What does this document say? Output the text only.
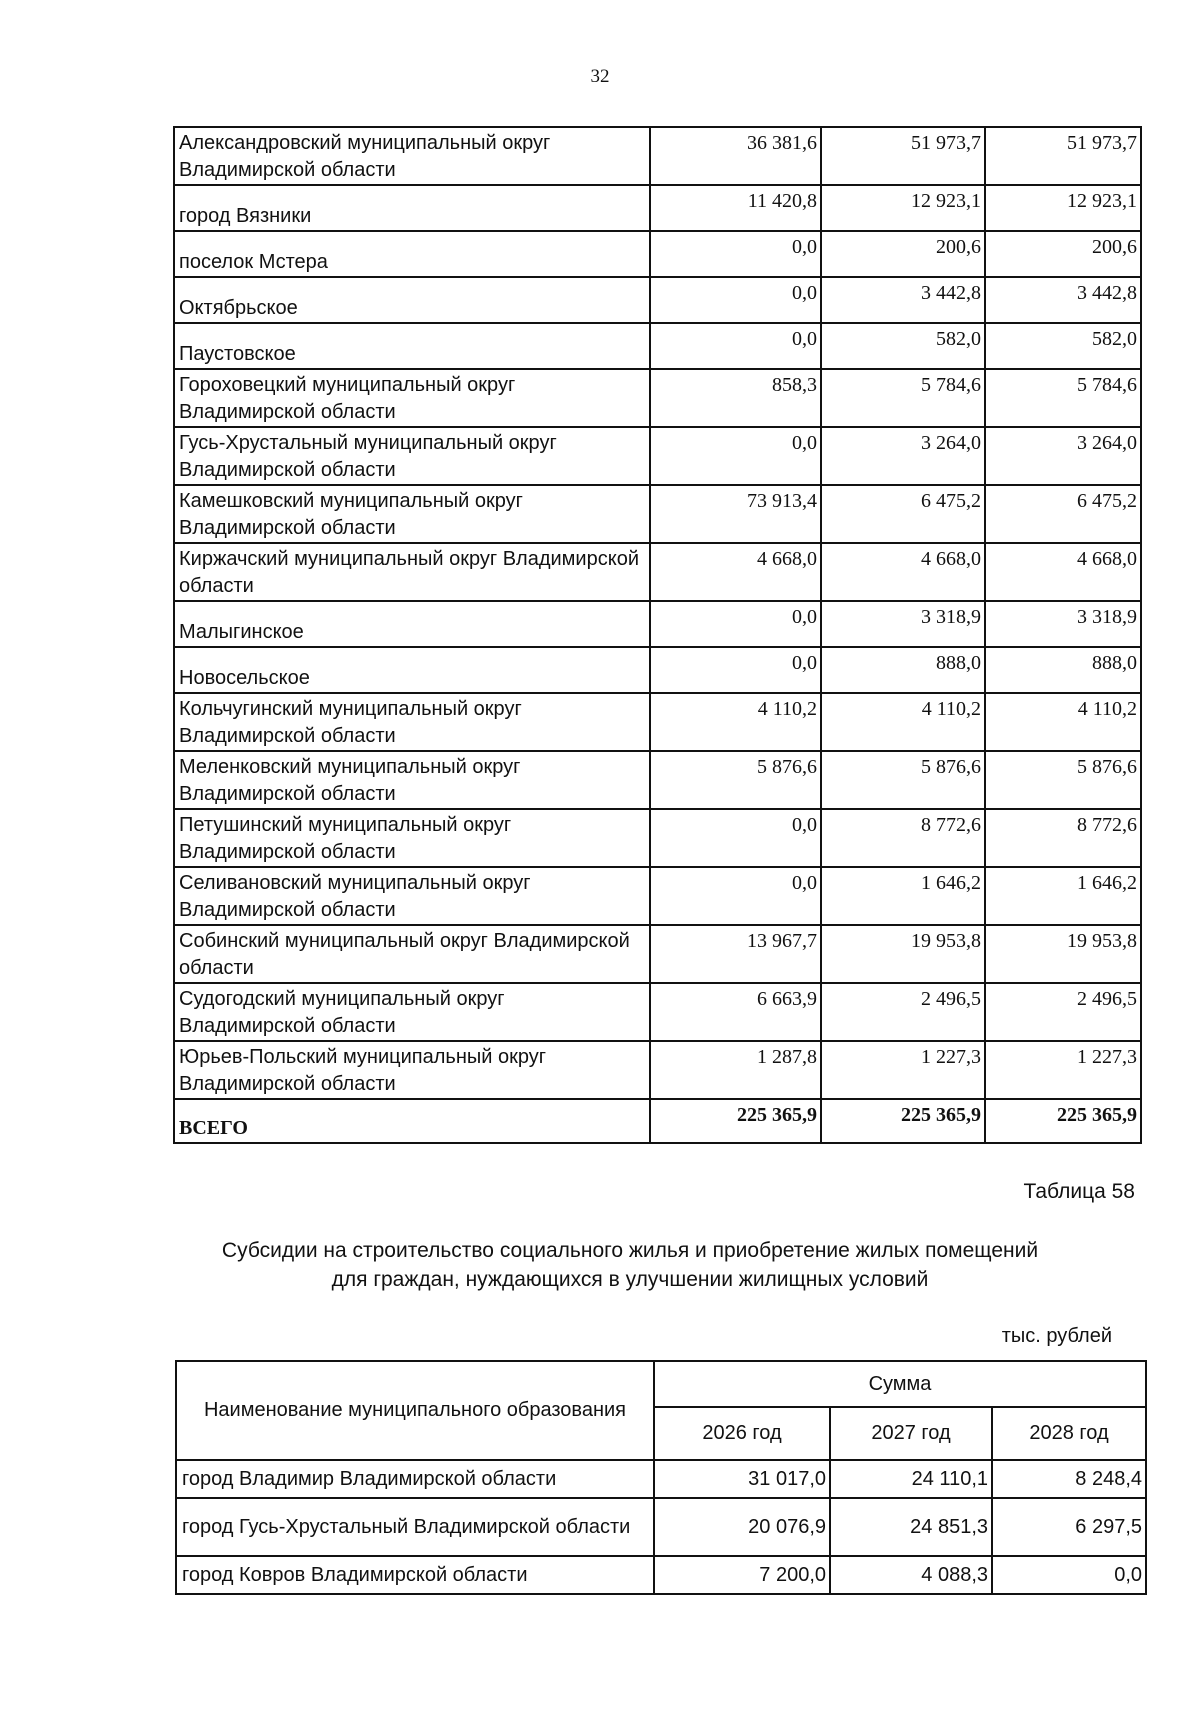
32
Александровский муниципальный округ Владимирской области	36 381,6	51 973,7	51 973,7
город Вязники	11 420,8	12 923,1	12 923,1
поселок Мстера	0,0	200,6	200,6
Октябрьское	0,0	3 442,8	3 442,8
Паустовское	0,0	582,0	582,0
Гороховецкий муниципальный округ Владимирской области	858,3	5 784,6	5 784,6
Гусь-Хрустальный муниципальный округ Владимирской области	0,0	3 264,0	3 264,0
Камешковский муниципальный округ Владимирской области	73 913,4	6 475,2	6 475,2
Киржачский муниципальный округ Владимирской области	4 668,0	4 668,0	4 668,0
Малыгинское	0,0	3 318,9	3 318,9
Новосельское	0,0	888,0	888,0
Кольчугинский муниципальный округ Владимирской области	4 110,2	4 110,2	4 110,2
Меленковский муниципальный округ Владимирской области	5 876,6	5 876,6	5 876,6
Петушинский муниципальный округ Владимирской области	0,0	8 772,6	8 772,6
Селивановский муниципальный округ Владимирской области	0,0	1 646,2	1 646,2
Собинский муниципальный округ Владимирской области	13 967,7	19 953,8	19 953,8
Судогодский муниципальный округ Владимирской области	6 663,9	2 496,5	2 496,5
Юрьев-Польский муниципальный округ Владимирской области	1 287,8	1 227,3	1 227,3
ВСЕГО	225 365,9	225 365,9	225 365,9
Таблица 58
Субсидии на строительство социального жилья и приобретение жилых помещений
для граждан, нуждающихся в улучшении жилищных условий
тыс. рублей
Наименование муниципального образования	Сумма		
	2026 год	2027 год	2028 год
город Владимир Владимирской области	31 017,0	24 110,1	8 248,4
город Гусь-Хрустальный Владимирской области	20 076,9	24 851,3	6 297,5
город Ковров Владимирской области	7 200,0	4 088,3	0,0
